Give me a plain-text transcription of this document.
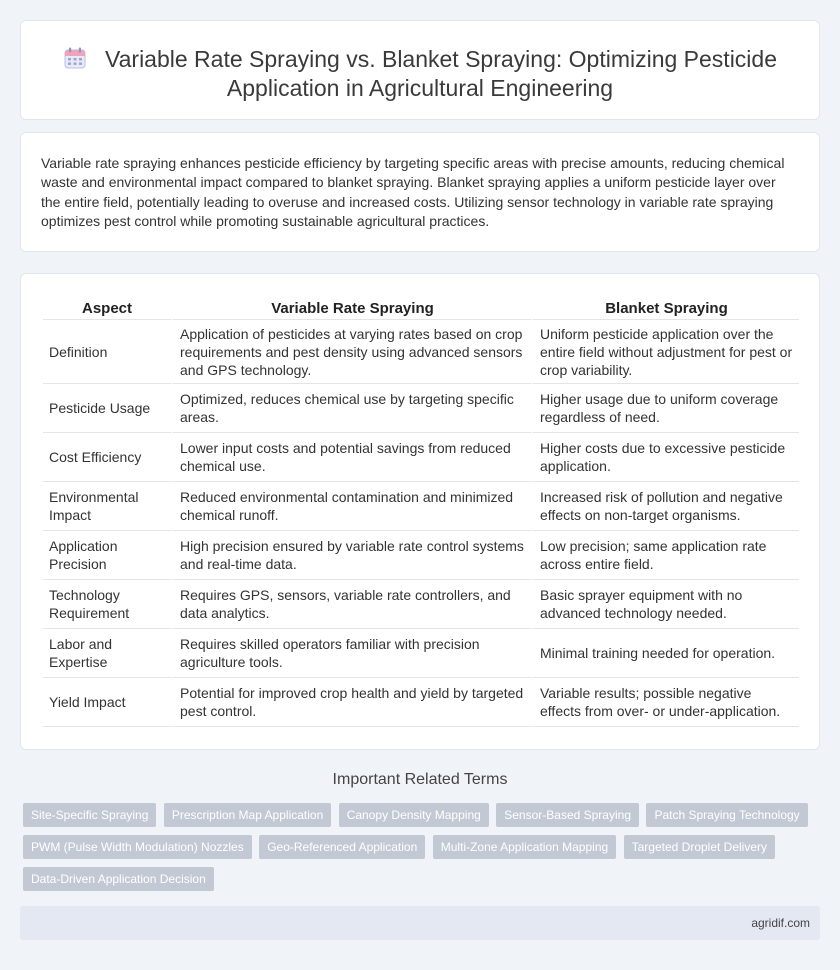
Variable Rate Spraying vs. Blanket Spraying: Optimizing Pesticide Application in Agricultural Engineering

Variable rate spraying enhances pesticide efficiency by targeting specific areas with precise amounts, reducing chemical waste and environmental impact compared to blanket spraying. Blanket spraying applies a uniform pesticide layer over the entire field, potentially leading to overuse and increased costs. Utilizing sensor technology in variable rate spraying optimizes pest control while promoting sustainable agricultural practices.

Aspect	Variable Rate Spraying	Blanket Spraying
Definition	Application of pesticides at varying rates based on crop requirements and pest density using advanced sensors and GPS technology.	Uniform pesticide application over the entire field without adjustment for pest or crop variability.
Pesticide Usage	Optimized, reduces chemical use by targeting specific areas.	Higher usage due to uniform coverage regardless of need.
Cost Efficiency	Lower input costs and potential savings from reduced chemical use.	Higher costs due to excessive pesticide application.
Environmental Impact	Reduced environmental contamination and minimized chemical runoff.	Increased risk of pollution and negative effects on non-target organisms.
Application Precision	High precision ensured by variable rate control systems and real-time data.	Low precision; same application rate across entire field.
Technology Requirement	Requires GPS, sensors, variable rate controllers, and data analytics.	Basic sprayer equipment with no advanced technology needed.
Labor and Expertise	Requires skilled operators familiar with precision agriculture tools.	Minimal training needed for operation.
Yield Impact	Potential for improved crop health and yield by targeted pest control.	Variable results; possible negative effects from over- or under-application.
Important Related Terms
Site-Specific Spraying Prescription Map Application Canopy Density Mapping Sensor-Based Spraying Patch Spraying Technology PWM (Pulse Width Modulation) Nozzles Geo-Referenced Application Multi-Zone Application Mapping Targeted Droplet Delivery Data-Driven Application Decision
agridif.com
